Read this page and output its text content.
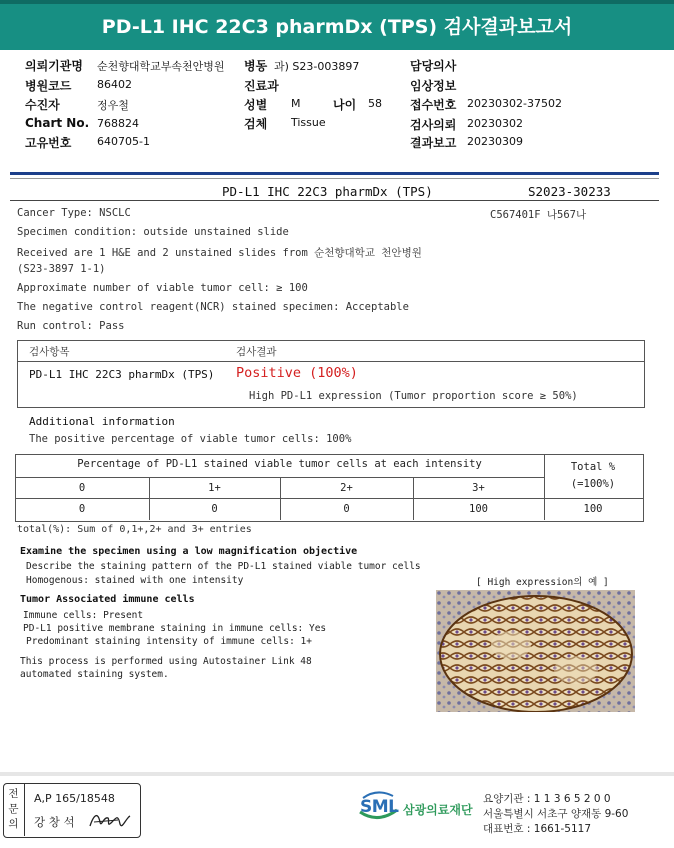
PD-L1 IHC 22C3 pharmDx (TPS) 검사결과보고서
의뢰기관명 순천향대학교부속천안병원 병동 과) S23-003897	담당의사
병원코드 86402	진료과	임상정보
수진자	정우철	성별 M	나이 58 접수번호 20230302-37502
Chart No. 768824	검체 Tissue	검사의뢰 20230302
고유번호 640705-1	결과보고 20230309
PD-L1 IHC 22C3 pharmDx (TPS)	S2023-30233
Cancer Type: NSCLC	C567401F 나567나
Specimen condition: outside unstained slide
Received are 1 H&E and 2 unstained slides from 순천향대학교 천안병원
(S23-3897 1-1)
Approximate number of viable tumor cell: ≥ 100
The negative control reagent(NCR) stained specimen: Acceptable
Run control: Pass
검사항목	검사결과
PD-L1 IHC 22C3 pharmDx (TPS) Positive (100%)
High PD-L1 expression (Tumor proportion score ≥ 50%)
Additional information
The positive percentage of viable tumor cells: 100%
Percentage of PD-L1 stained viable tumor cells at each intensity	Total %
(=100%)
0	1+	2+	3+
0	0	0	100	100
total(%): Sum of 0,1+,2+ and 3+ entries
Examine the specimen using a low magnification objective
Describe the staining pattern of the PD-L1 stained viable tumor cells
Homogenous: stained with one intensity	[ High expression의 예 ]
Tumor Associated immune cells
Immune cells: Present
PD-L1 positive membrane staining in immune cells: Yes
Predominant staining intensity of immune cells: 1+
This process is performed using Autostainer Link 48
automated staining system.
전문의
A,P 165/18548
강 창 석
SML 삼광의료재단
요양기관 : 1 1 3 6 5 2 0 0
서울특별시 서초구 양재동 9-60
대표번호 : 1661-5117
